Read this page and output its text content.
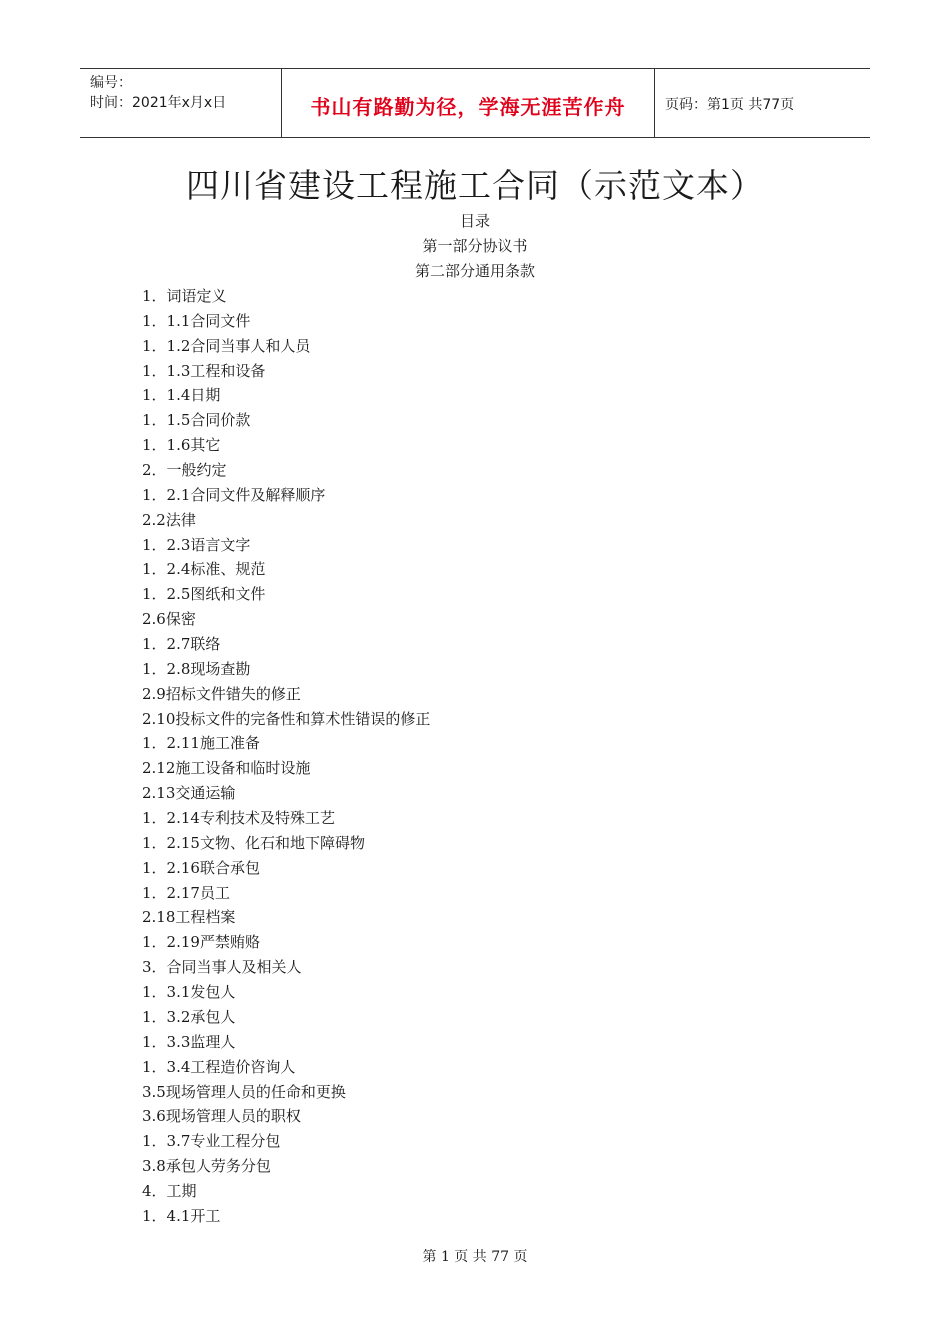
编号：
时间：2021年x月x日	书山有路勤为径，学海无涯苦作舟	页码：第1页 共77页
四川省建设工程施工合同（示范文本）
目录
第一部分协议书
第二部分通用条款
1．词语定义
1．1.1合同文件
1．1.2合同当事人和人员
1．1.3工程和设备
1．1.4日期
1．1.5合同价款
1．1.6其它
2．一般约定
1．2.1合同文件及解释顺序
2.2法律
1．2.3语言文字
1．2.4标准、规范
1．2.5图纸和文件
2.6保密
1．2.7联络
1．2.8现场查勘
2.9招标文件错失的修正
2.10投标文件的完备性和算术性错误的修正
1．2.11施工准备
2.12施工设备和临时设施
2.13交通运输
1．2.14专利技术及特殊工艺
1．2.15文物、化石和地下障碍物
1．2.16联合承包
1．2.17员工
2.18工程档案
1．2.19严禁贿赂
3．合同当事人及相关人
1．3.1发包人
1．3.2承包人
1．3.3监理人
1．3.4工程造价咨询人
3.5现场管理人员的任命和更换
3.6现场管理人员的职权
1．3.7专业工程分包
3.8承包人劳务分包
4．工期
1．4.1开工
第 1 页 共 77 页
